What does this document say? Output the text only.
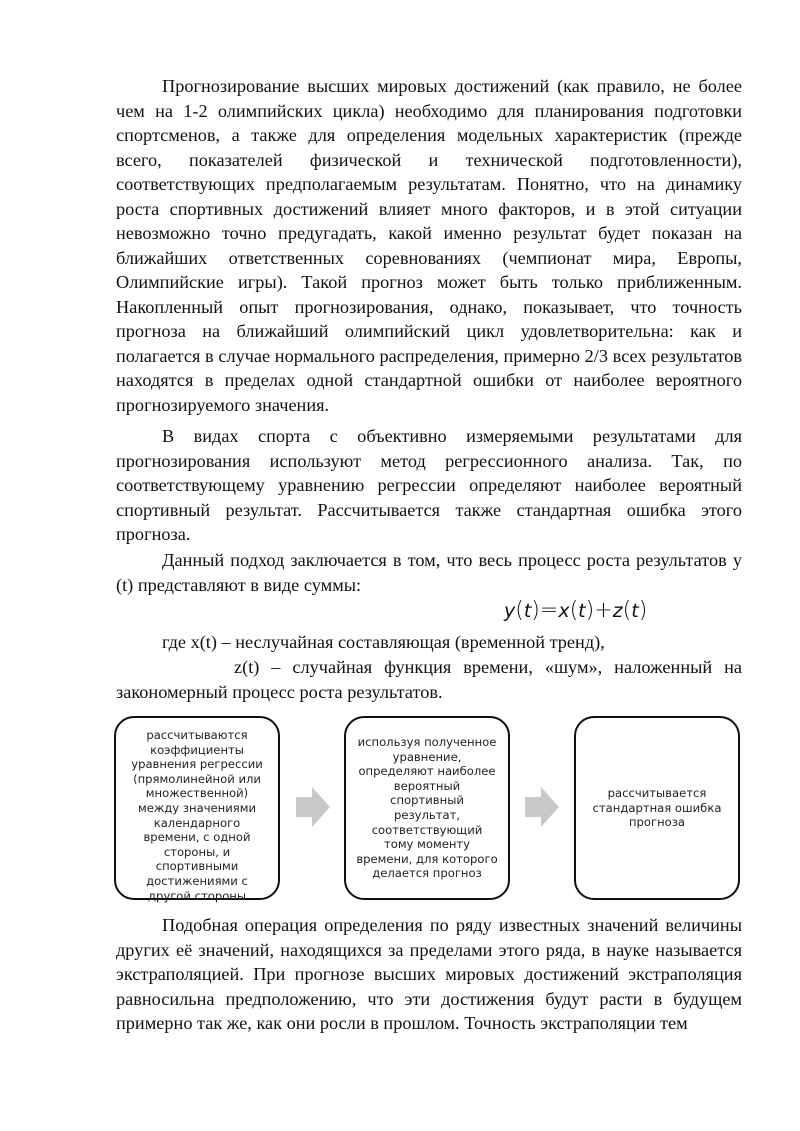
Прогнозирование высших мировых достижений (как правило, не более чем на 1-2 олимпийских цикла) необходимо для планирования подготовки спортсменов, а также для определения модельных характеристик (прежде всего, показателей физической и технической подготовленности), соответствующих предполагаемым результатам. Понятно, что на динамику роста спортивных достижений влияет много факторов, и в этой ситуации невозможно точно предугадать, какой именно результат будет показан на ближайших ответственных соревнованиях (чемпионат мира, Европы, Олимпийские игры). Такой прогноз может быть только приближенным. Накопленный опыт прогнозирования, однако, показывает, что точность прогноза на ближайший олимпийский цикл удовлетворительна: как и полагается в случае нормального распределения, примерно 2/3 всех результатов находятся в пределах одной стандартной ошибки от наиболее вероятного прогнозируемого значения.

В видах спорта с объективно измеряемыми результатами для прогнозирования используют метод регрессионного анализа. Так, по соответствующему уравнению регрессии определяют наиболее вероятный спортивный результат. Рассчитывается также стандартная ошибка этого прогноза.

Данный подход заключается в том, что весь процесс роста результатов y (t) представляют в виде суммы:

y(t)=x(t)+z(t)
где x(t) – неслучайная составляющая (временной тренд),
z(t) – случайная функция времени, «шум», наложенный на закономерный процесс роста результатов.
рассчитываются коэффициенты уравнения регрессии (прямолинейной или множественной) между значениями календарного времени, с одной стороны, и спортивными достижениями с другой стороны
используя полученное уравнение, определяют наиболее вероятный спортивный результат, соответствующий тому моменту времени, для которого делается прогноз
рассчитывается стандартная ошибка прогноза

Подобная операция определения по ряду известных значений величины других её значений, находящихся за пределами этого ряда, в науке называется экстраполяцией. При прогнозе высших мировых достижений экстраполяция равносильна предположению, что эти достижения будут расти в будущем примерно так же, как они росли в прошлом. Точность экстраполяции тем
